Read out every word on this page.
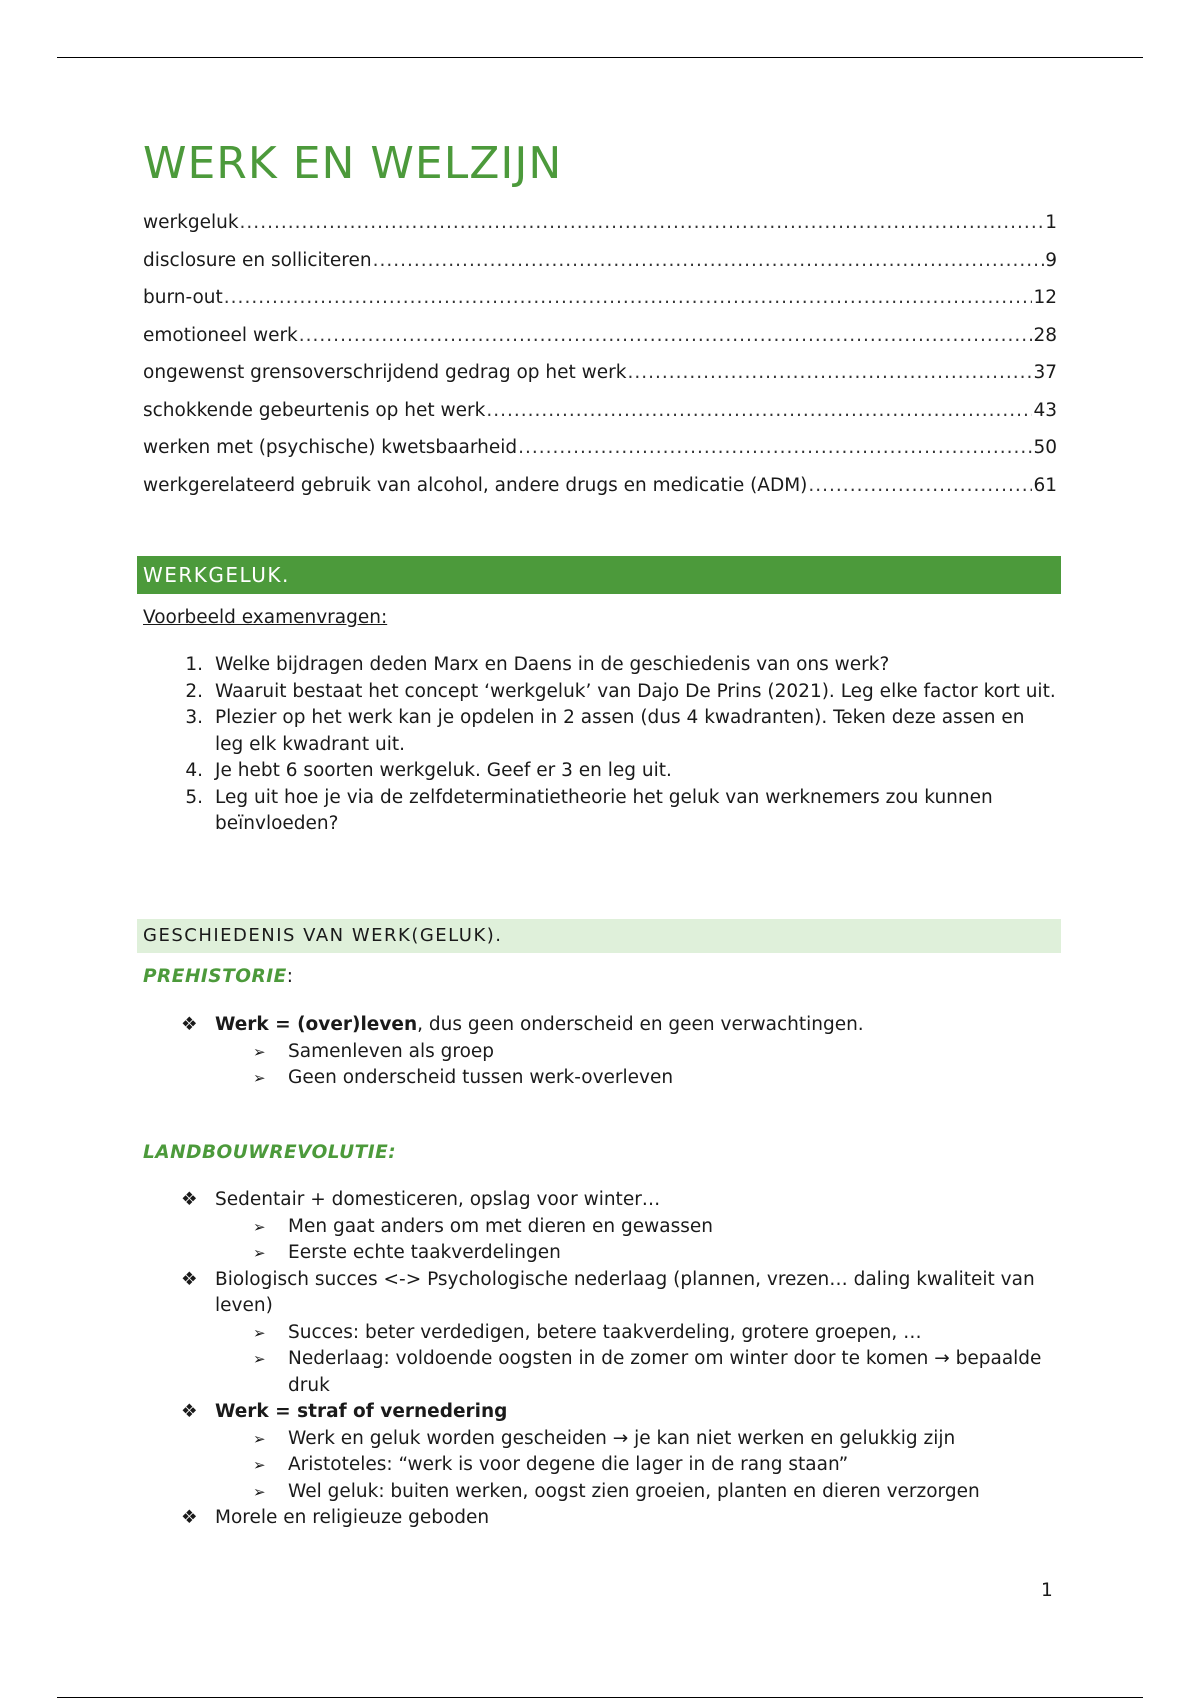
WERK EN WELZIJN
werkgeluk .....	1
disclosure en solliciteren .....	9
burn-out .....	12
emotioneel werk .....	28
ongewenst grensoverschrijdend gedrag op het werk .....	37
schokkende gebeurtenis op het werk .....	43
werken met (psychische) kwetsbaarheid .....	50
werkgerelateerd gebruik van alcohol, andere drugs en medicatie (ADM) .....	61
WERKGELUK.
Voorbeeld examenvragen:
1. Welke bijdragen deden Marx en Daens in de geschiedenis van ons werk?
2. Waaruit bestaat het concept ‘werkgeluk’ van Dajo De Prins (2021). Leg elke factor kort uit.
3. Plezier op het werk kan je opdelen in 2 assen (dus 4 kwadranten). Teken deze assen en leg elk kwadrant uit.
4. Je hebt 6 soorten werkgeluk. Geef er 3 en leg uit.
5. Leg uit hoe je via de zelfdeterminatietheorie het geluk van werknemers zou kunnen beïnvloeden?
GESCHIEDENIS VAN WERK(GELUK).
PREHISTORIE:
❖ Werk = (over)leven, dus geen onderscheid en geen verwachtingen.
➢	Samenleven als groep
➢	Geen onderscheid tussen werk-overleven
LANDBOUWREVOLUTIE:
❖ Sedentair + domesticeren, opslag voor winter…
➢	Men gaat anders om met dieren en gewassen
➢	Eerste echte taakverdelingen
❖ Biologisch succes <-> Psychologische nederlaag (plannen, vrezen… daling kwaliteit van leven)
➢	Succes: beter verdedigen, betere taakverdeling, grotere groepen, …
➢	Nederlaag: voldoende oogsten in de zomer om winter door te komen → bepaalde druk
❖ Werk = straf of vernedering
➢	Werk en geluk worden gescheiden → je kan niet werken en gelukkig zijn
➢	Aristoteles: “werk is voor degene die lager in de rang staan”
➢	Wel geluk: buiten werken, oogst zien groeien, planten en dieren verzorgen
❖ Morele en religieuze geboden
1
